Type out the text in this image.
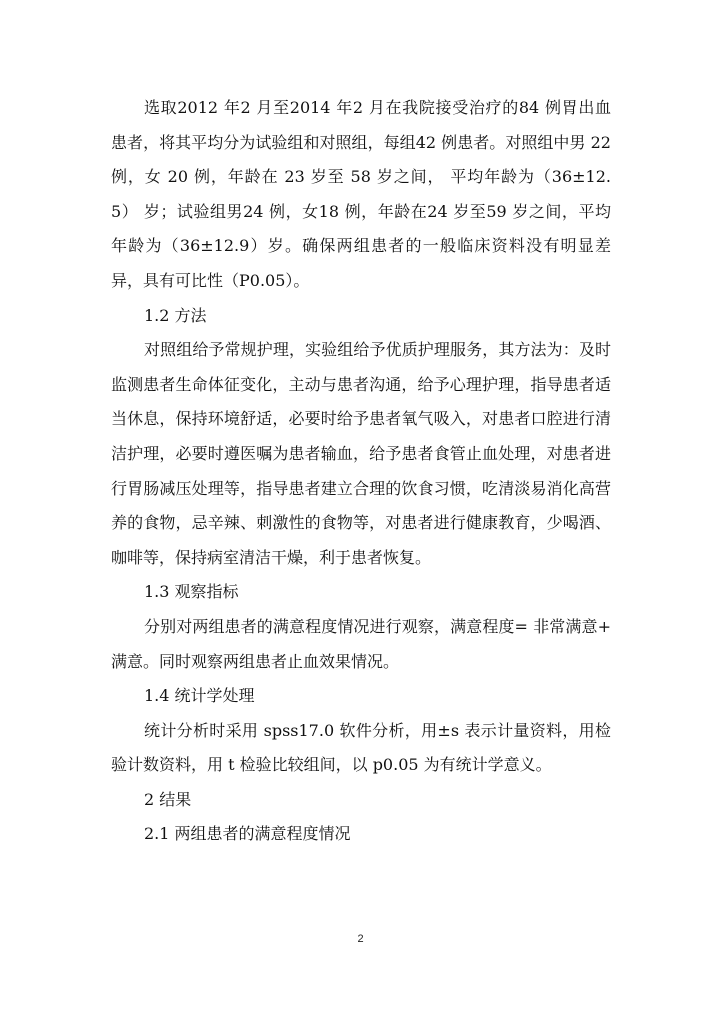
选取2012 年2 月至2014 年2 月在我院接受治疗的84 例胃出血患者，将其平均分为试验组和对照组，每组42 例患者。对照组中男 22 例，女 20 例，年龄在 23 岁至 58 岁之间， 平均年龄为（36±12.5） 岁；试验组男24 例，女18 例，年龄在24 岁至59 岁之间，平均年龄为（36±12.9）岁。确保两组患者的一般临床资料没有明显差异，具有可比性（P0.05）。

1.2 方法

对照组给予常规护理，实验组给予优质护理服务，其方法为：及时监测患者生命体征变化，主动与患者沟通，给予心理护理，指导患者适当休息，保持环境舒适，必要时给予患者氧气吸入，对患者口腔进行清洁护理，必要时遵医嘱为患者输血，给予患者食管止血处理，对患者进行胃肠减压处理等，指导患者建立合理的饮食习惯，吃清淡易消化高营养的食物，忌辛辣、刺激性的食物等，对患者进行健康教育，少喝酒、咖啡等，保持病室清洁干燥，利于患者恢复。

1.3 观察指标

分别对两组患者的满意程度情况进行观察，满意程度= 非常满意+ 满意。同时观察两组患者止血效果情况。

1.4 统计学处理

统计分析时采用 spss17.0 软件分析，用±s 表示计量资料，用检验计数资料，用 t 检验比较组间，以 p0.05 为有统计学意义。

2 结果

2.1 两组患者的满意程度情况

2
